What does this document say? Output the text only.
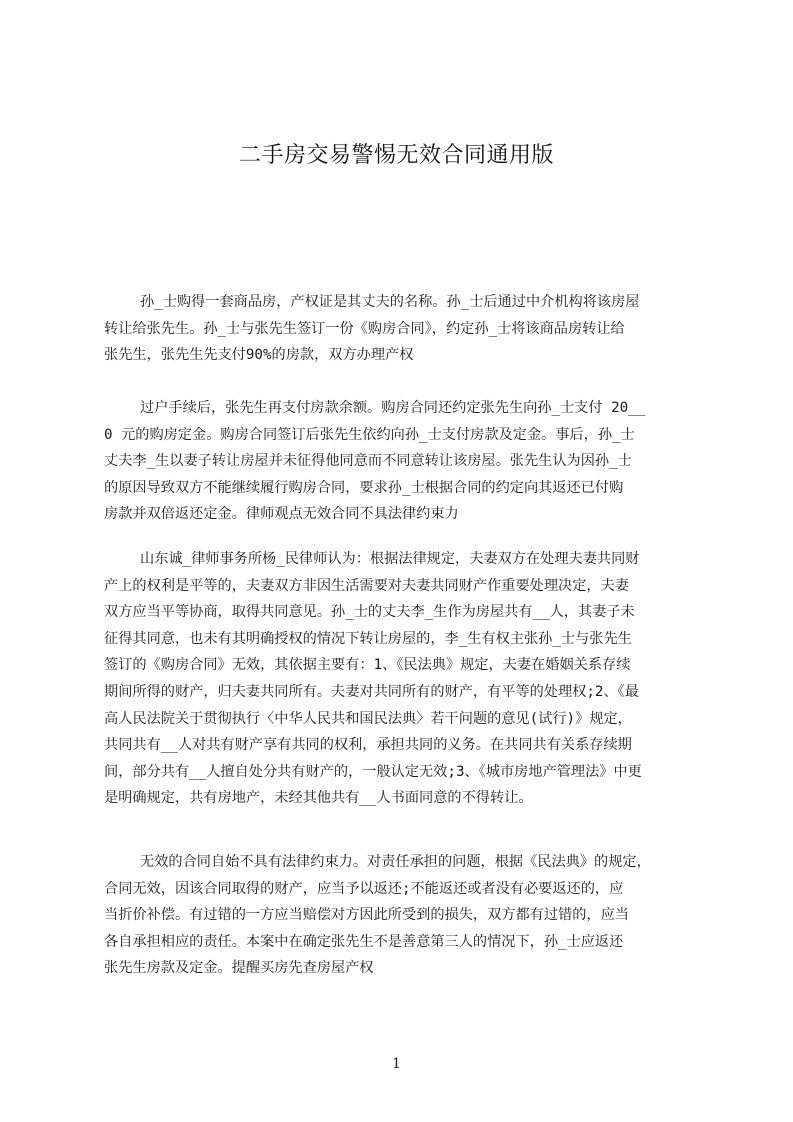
二手房交易警惕无效合同通用版
孙_士购得一套商品房，产权证是其丈夫的名称。孙_士后通过中介机构将该房屋
转让给张先生。孙_士与张先生签订一份《购房合同》，约定孙_士将该商品房转让给
张先生，张先生先支付90%的房款，双方办理产权
过户手续后，张先生再支付房款余额。购房合同还约定张先生向孙_士支付 20__
0 元的购房定金。购房合同签订后张先生依约向孙_士支付房款及定金。事后，孙_士
丈夫李_生以妻子转让房屋并未征得他同意而不同意转让该房屋。张先生认为因孙_士
的原因导致双方不能继续履行购房合同，要求孙_士根据合同的约定向其返还已付购
房款并双倍返还定金。律师观点无效合同不具法律约束力
山东诚_律师事务所杨_民律师认为：根据法律规定，夫妻双方在处理夫妻共同财
产上的权利是平等的，夫妻双方非因生活需要对夫妻共同财产作重要处理决定，夫妻
双方应当平等协商，取得共同意见。孙_士的丈夫李_生作为房屋共有__人，其妻子未
征得其同意，也未有其明确授权的情况下转让房屋的，李_生有权主张孙_士与张先生
签订的《购房合同》无效，其依据主要有：1、《民法典》规定，夫妻在婚姻关系存续
期间所得的财产，归夫妻共同所有。夫妻对共同所有的财产，有平等的处理权;2、《最
高人民法院关于贯彻执行〈中华人民共和国民法典〉若干问题的意见(试行)》规定，
共同共有__人对共有财产享有共同的权利，承担共同的义务。在共同共有关系存续期
间，部分共有__人擅自处分共有财产的，一般认定无效;3、《城市房地产管理法》中更
是明确规定，共有房地产，未经其他共有__人书面同意的不得转让。
无效的合同自始不具有法律约束力。对责任承担的问题，根据《民法典》的规定，
合同无效，因该合同取得的财产，应当予以返还;不能返还或者没有必要返还的，应
当折价补偿。有过错的一方应当赔偿对方因此所受到的损失，双方都有过错的，应当
各自承担相应的责任。本案中在确定张先生不是善意第三人的情况下，孙_士应返还
张先生房款及定金。提醒买房先查房屋产权
1
